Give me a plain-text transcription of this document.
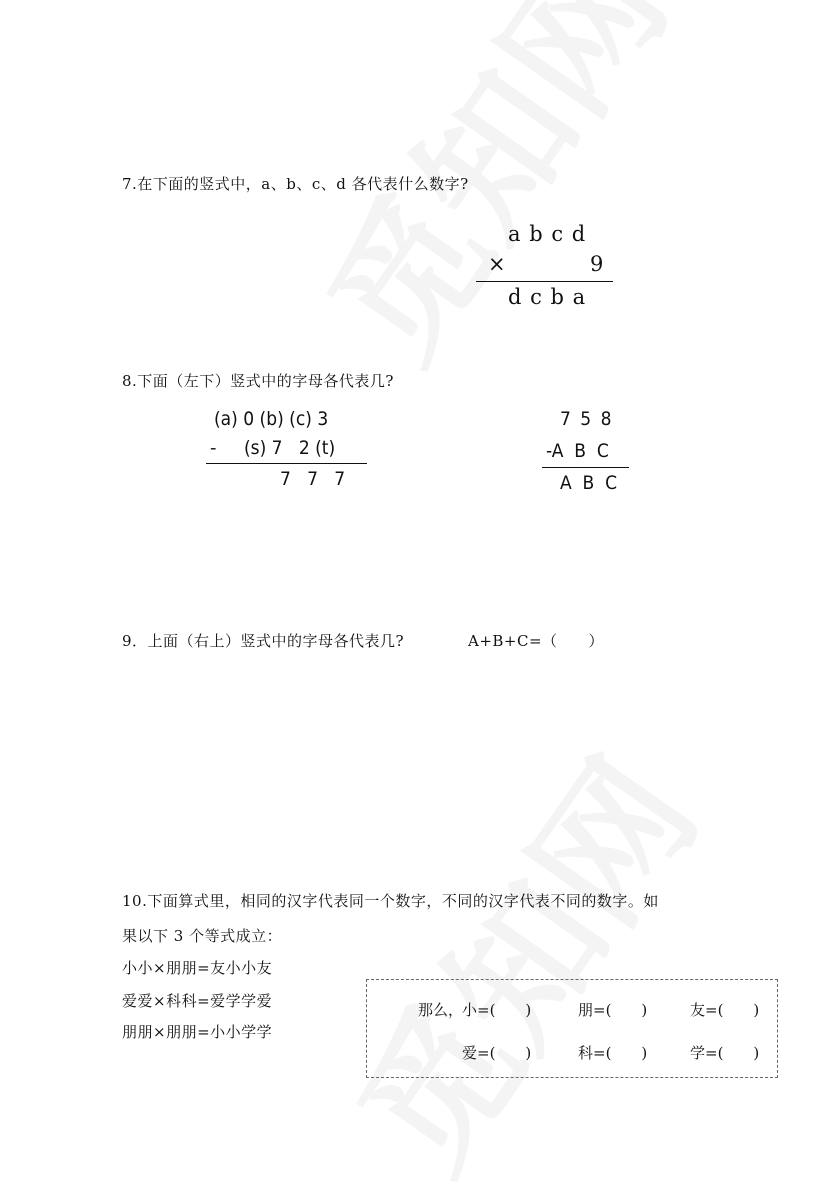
7.在下面的竖式中，a、b、c、d 各代表什么数字?
a b c d
×	9
d c b a
8.下面（左下）竖式中的字母各代表几?
(a) 0 (b) (c) 3
- (s) 7   2 (t)
7   7   7
7 5 8
-A  B  C
A  B  C
9．上面（右上）竖式中的字母各代表几?	A+B+C=（　　）
10.下面算式里，相同的汉字代表同一个数字，不同的汉字代表不同的数字。如
果以下 3 个等式成立：
小小×朋朋=友小小友
爱爱×科科=爱学学爱
朋朋×朋朋=小小学学
那么，
小=(　　)	朋=(　　)	友=(　　)
爱=(　　)	科=(　　)	学=(　　)
